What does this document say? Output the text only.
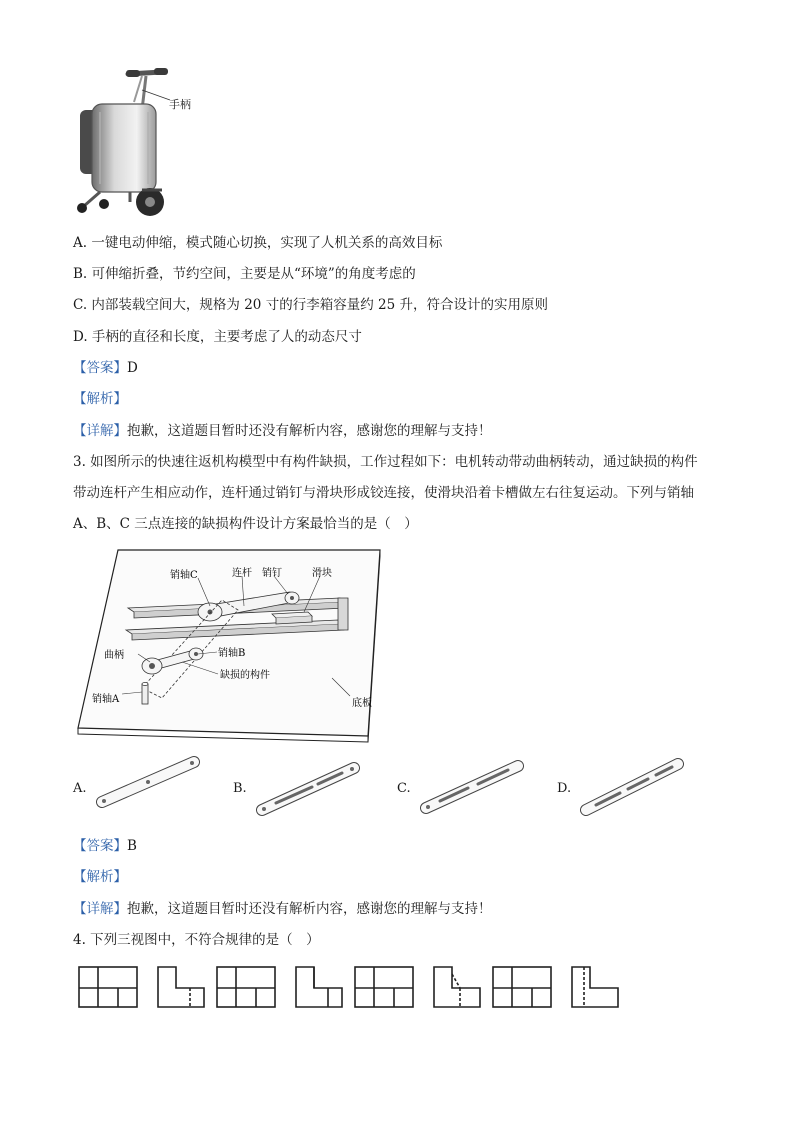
手柄
A. 一键电动伸缩，模式随心切换，实现了人机关系的高效目标
B. 可伸缩折叠，节约空间，主要是从“环境”的角度考虑的
C. 内部装载空间大，规格为 20 寸的行李箱容量约 25 升，符合设计的实用原则
D. 手柄的直径和长度，主要考虑了人的动态尺寸
【答案】D
【解析】
【详解】抱歉，这道题目暂时还没有解析内容，感谢您的理解与支持！
3. 如图所示的快速往返机构模型中有构件缺损，工作过程如下：电机转动带动曲柄转动，通过缺损的构件
带动连杆产生相应动作，连杆通过销钉与滑块形成铰连接，使滑块沿着卡槽做左右往复运动。下列与销轴
A、B、C 三点连接的缺损构件设计方案最恰当的是（　）
销轴C	连杆 销钉	滑块
曲柄	销轴B
缺损的构件
销轴A	底板
A.	B.	C.	D.
【答案】B
【解析】
【详解】抱歉，这道题目暂时还没有解析内容，感谢您的理解与支持！
4. 下列三视图中，不符合规律的是（　）
